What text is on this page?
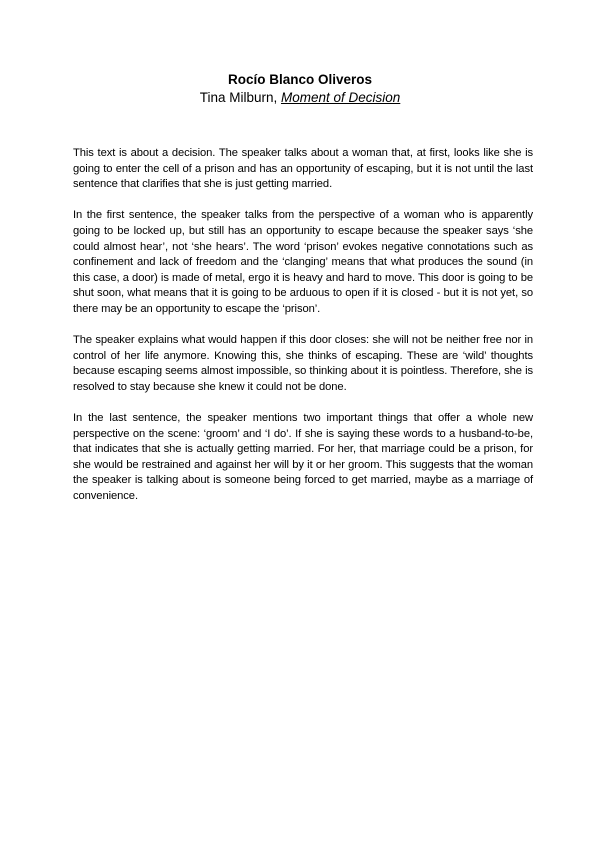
Rocío Blanco Oliveros
Tina Milburn, Moment of Decision

This text is about a decision. The speaker talks about a woman that, at first, looks like she is going to enter the cell of a prison and has an opportunity of escaping, but it is not until the last sentence that clarifies that she is just getting married.

In the first sentence, the speaker talks from the perspective of a woman who is apparently going to be locked up, but still has an opportunity to escape because the speaker says ‘she could almost hear’, not ‘she hears’. The word ‘prison’ evokes negative connotations such as confinement and lack of freedom and the ‘clanging’ means that what produces the sound (in this case, a door) is made of metal, ergo it is heavy and hard to move. This door is going to be shut soon, what means that it is going to be arduous to open if it is closed - but it is not yet, so there may be an opportunity to escape the ‘prison’.

The speaker explains what would happen if this door closes: she will not be neither free nor in control of her life anymore. Knowing this, she thinks of escaping. These are ‘wild’ thoughts because escaping seems almost impossible, so thinking about it is pointless. Therefore, she is resolved to stay because she knew it could not be done.

In the last sentence, the speaker mentions two important things that offer a whole new perspective on the scene: ‘groom’ and ‘I do’. If she is saying these words to a husband-to-be, that indicates that she is actually getting married. For her, that marriage could be a prison, for she would be restrained and against her will by it or her groom. This suggests that the woman the speaker is talking about is someone being forced to get married, maybe as a marriage of convenience.
